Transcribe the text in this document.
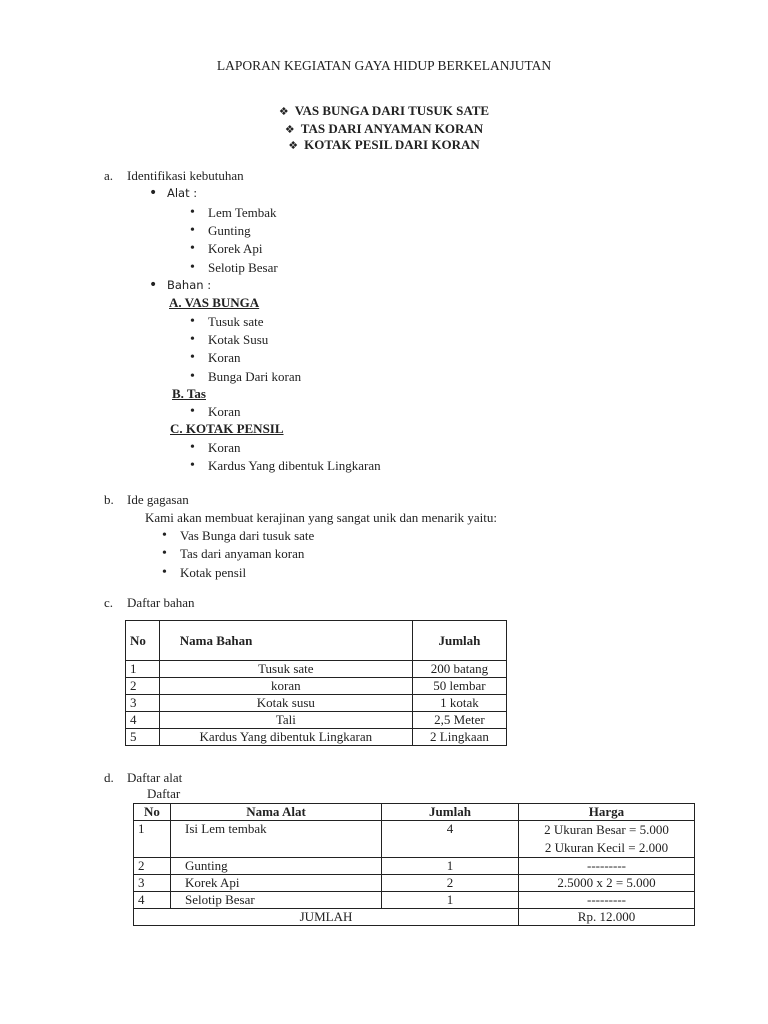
LAPORAN KEGIATAN GAYA HIDUP BERKELANJUTAN
❖ VAS BUNGA DARI TUSUK SATE
❖ TAS DARI ANYAMAN KORAN
❖ KOTAK PESIL DARI KORAN
a. Identifikasi kebutuhan
• Alat :
• Lem Tembak
• Gunting
• Korek Api
• Selotip Besar
• Bahan :
A. VAS BUNGA
• Tusuk sate
• Kotak Susu
• Koran
• Bunga Dari koran
B. Tas
• Koran
C. KOTAK PENSIL
• Koran
• Kardus Yang dibentuk Lingkaran
b. Ide gagasan
Kami akan membuat kerajinan yang sangat unik dan menarik yaitu:
• Vas Bunga dari tusuk sate
• Tas dari anyaman koran
• Kotak pensil
c. Daftar bahan
No	Nama Bahan	Jumlah
1	Tusuk sate	200 batang
2	koran	50 lembar
3	Kotak susu	1 kotak
4	Tali	2,5 Meter
5	Kardus Yang dibentuk Lingkaran	2 Lingkaan
d. Daftar alat
Daftar
No	Nama Alat	Jumlah	Harga
1	Isi Lem tembak	4	2 Ukuran Besar = 5.000
2 Ukuran Kecil = 2.000

2	Gunting	1	---------
3	Korek Api	2	2.5000 x 2 = 5.000
4	Selotip Besar	1	---------
JUMLAH			Rp. 12.000
